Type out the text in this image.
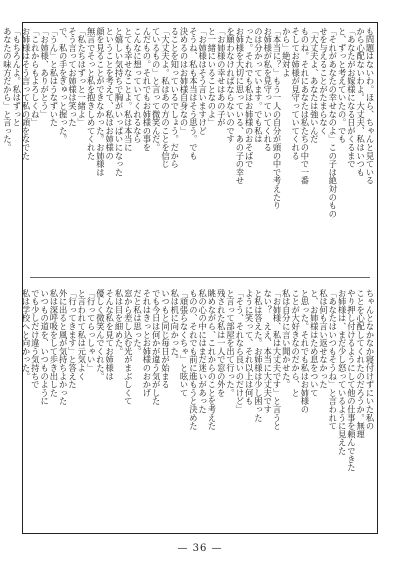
も問題はないわ。ほら、ちゃんと見ている
から心配ないわよ。大丈夫、私はいつも
「あなたがお嫁様になる日がくるまで
と、ずっと考えていたの。でも
「それがあなたの幸せなのよ」この子は絶対のもの
せを与えることがたまらなく
「大丈夫よ、あなたは強いんだ
ものね。それにあなたは私たちの中で一番
そしてお姉様が見守っていてくれる
から」絶対よ
「本当に？」もう一人の自分が頭の中で考えたり
お姉様が私を見守っていてくれる
のは分かっています。でも私は
った。それでも私はお姉様のおそばで
お姉様を大切に思っている、あの子の幸せ
を願わなければならないのです
「お姉様の幸せはあの子が
と一緒にいることなのよ」
「お姉様はそう言いますけど
そうね、私も本当はそう思う。でも
決めるのはお姉様自身なの」
ることを知っているでしょう。だから
「大丈夫よ。私はあの方のことを信じ
ているもの」と言って微笑んだ。
んだもの。それでもお姉様の事を
こんなに想っていてくれるなら
とても幸せなことよ。私は本当に
と嬉しい気持ちで胸がいっぱいになった
ということを考えて、私はお姉様の
顔を見ることができなかった。お姉様は
無言でそっと私を抱きしめてくれた
「私たちはずっと一緒よ」
そう言ってお姉様は笑った
で、私の手をぎゅっと握った。
「うん」と私はうなずいた
「お姉様、ありがとう」
「これからもよろしくね」
お姉様はそう言って私の頭をなでた
「もちろんよ。私はずっと
あなたの味方だから」と言った。
ちゃんとなかなか寝付けずにいた私の
ことを心配してくれたのだろうか。無理
やり押し付けるようにして他の仕事を頼んできた
お姉様は、まだ少し怒っているように見えた
「あなたはいつもそうね」と言われて
私は何も言い返せなかった
と、お姉様はため息をついて
と思った。それでも私はお姉様の
ことが大好きなのだから、と
私は自分に言い聞かせた。
「お姉様、私は大丈夫です」と言うと
ない？　ええ、本当に大丈夫です
と私は答えた。お姉様は少し困った
ように笑って、それ以上は何も
「そう、それなら良いのだけど」
と言って部屋を出て行った。
残された私は一人で窓の外を
眺めながら、これからのことを考えた
私の心の中にはまだ迷いがあった
ものの、それでも前に進もうと決めた
「頑張らなくちゃ」と呟いて
私は机に向かった。
いつもと同じ毎日が始まる
でも今日は何かが違う気がした
それはきっとお姉様のおかげ
だと私は思った。
窓から差し込む光がまぶしくて
私は目を細めた。
そんな私を見てお姉様は
優しく微笑んでくれた。
「行ってらっしゃい」
と言われて私は元気よく
「行ってきます」と答えた
外に出ると風が気持ちよかった
私は深呼吸をして歩き出した
いつもの道を、いつものように
でも少しだけ違う気持ちで
私は学校へと向かった。
— 36 —
